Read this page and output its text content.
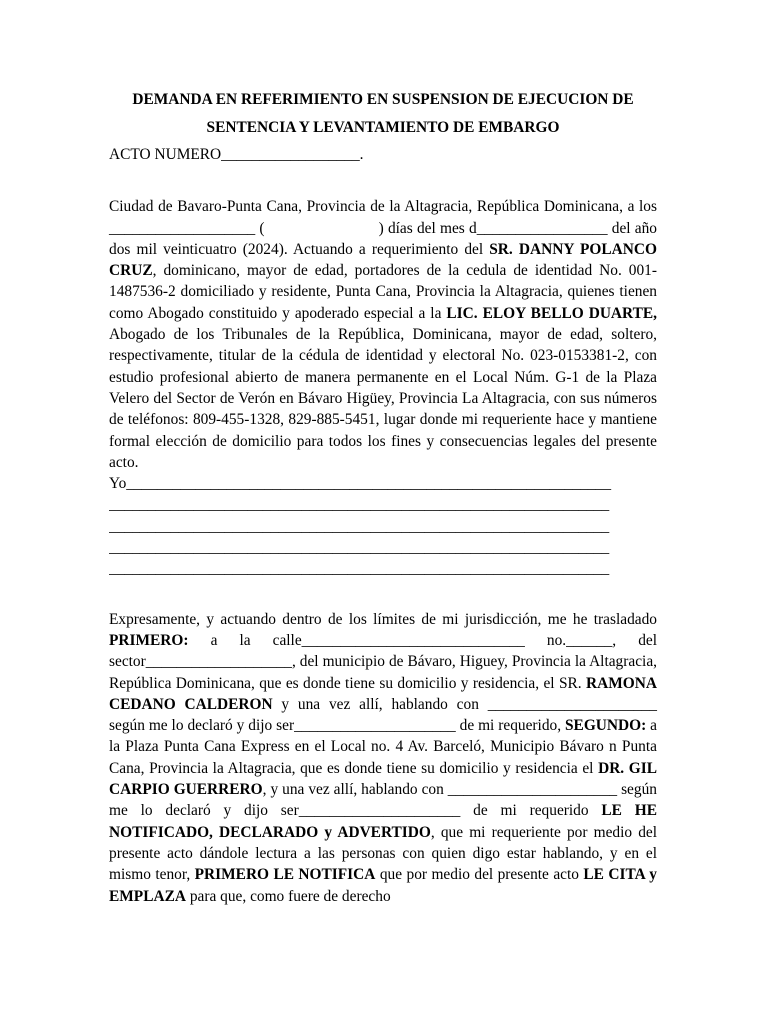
DEMANDA EN REFERIMIENTO EN SUSPENSION DE EJECUCION DE

SENTENCIA Y LEVANTAMIENTO DE EMBARGO

ACTO NUMERO__________________.

Ciudad de Bavaro-Punta Cana, Provincia de la Altagracia, República Dominicana, a los ___________________ (	) días del mes d_________________ del año dos mil veinticuatro (2024). Actuando a requerimiento del SR. DANNY POLANCO CRUZ, dominicano, mayor de edad, portadores de la cedula de identidad No. 001-1487536-2 domiciliado y residente, Punta Cana, Provincia la Altagracia, quienes tienen como Abogado constituido y apoderado especial a la LIC. ELOY BELLO DUARTE, Abogado de los Tribunales de la República, Dominicana, mayor de edad, soltero, respectivamente, titular de la cédula de identidad y electoral No. 023-0153381-2, con estudio profesional abierto de manera permanente en el Local Núm. G-1 de la Plaza Velero del Sector de Verón en Bávaro Higüey, Provincia La Altagracia, con sus números de teléfonos: 809-455-1328, 829-885-5451, lugar donde mi requeriente hace y mantiene formal elección de domicilio para todos los fines y consecuencias legales del presente acto.

Yo_______________________________________________________________
_________________________________________________________________
_________________________________________________________________
_________________________________________________________________
_________________________________________________________________

Expresamente, y actuando dentro de los límites de mi jurisdicción, me he trasladado PRIMERO: a la calle_____________________________ no.______, del sector___________________, del municipio de Bávaro, Higuey, Provincia la Altagracia, República Dominicana, que es donde tiene su domicilio y residencia, el SR. RAMONA CEDANO CALDERON y una vez allí, hablando con ______________________ según me lo declaró y dijo ser_____________________ de mi requerido, SEGUNDO: a la Plaza Punta Cana Express en el Local no. 4 Av. Barceló, Municipio Bávaro n Punta Cana, Provincia la Altagracia, que es donde tiene su domicilio y residencia el DR. GIL CARPIO GUERRERO, y una vez allí, hablando con ______________________ según me lo declaró y dijo ser_____________________ de mi requerido LE HE NOTIFICADO, DECLARADO y ADVERTIDO, que mi requeriente por medio del presente acto dándole lectura a las personas con quien digo estar hablando, y en el mismo tenor, PRIMERO LE NOTIFICA que por medio del presente acto LE CITA y EMPLAZA para que, como fuere de derecho
